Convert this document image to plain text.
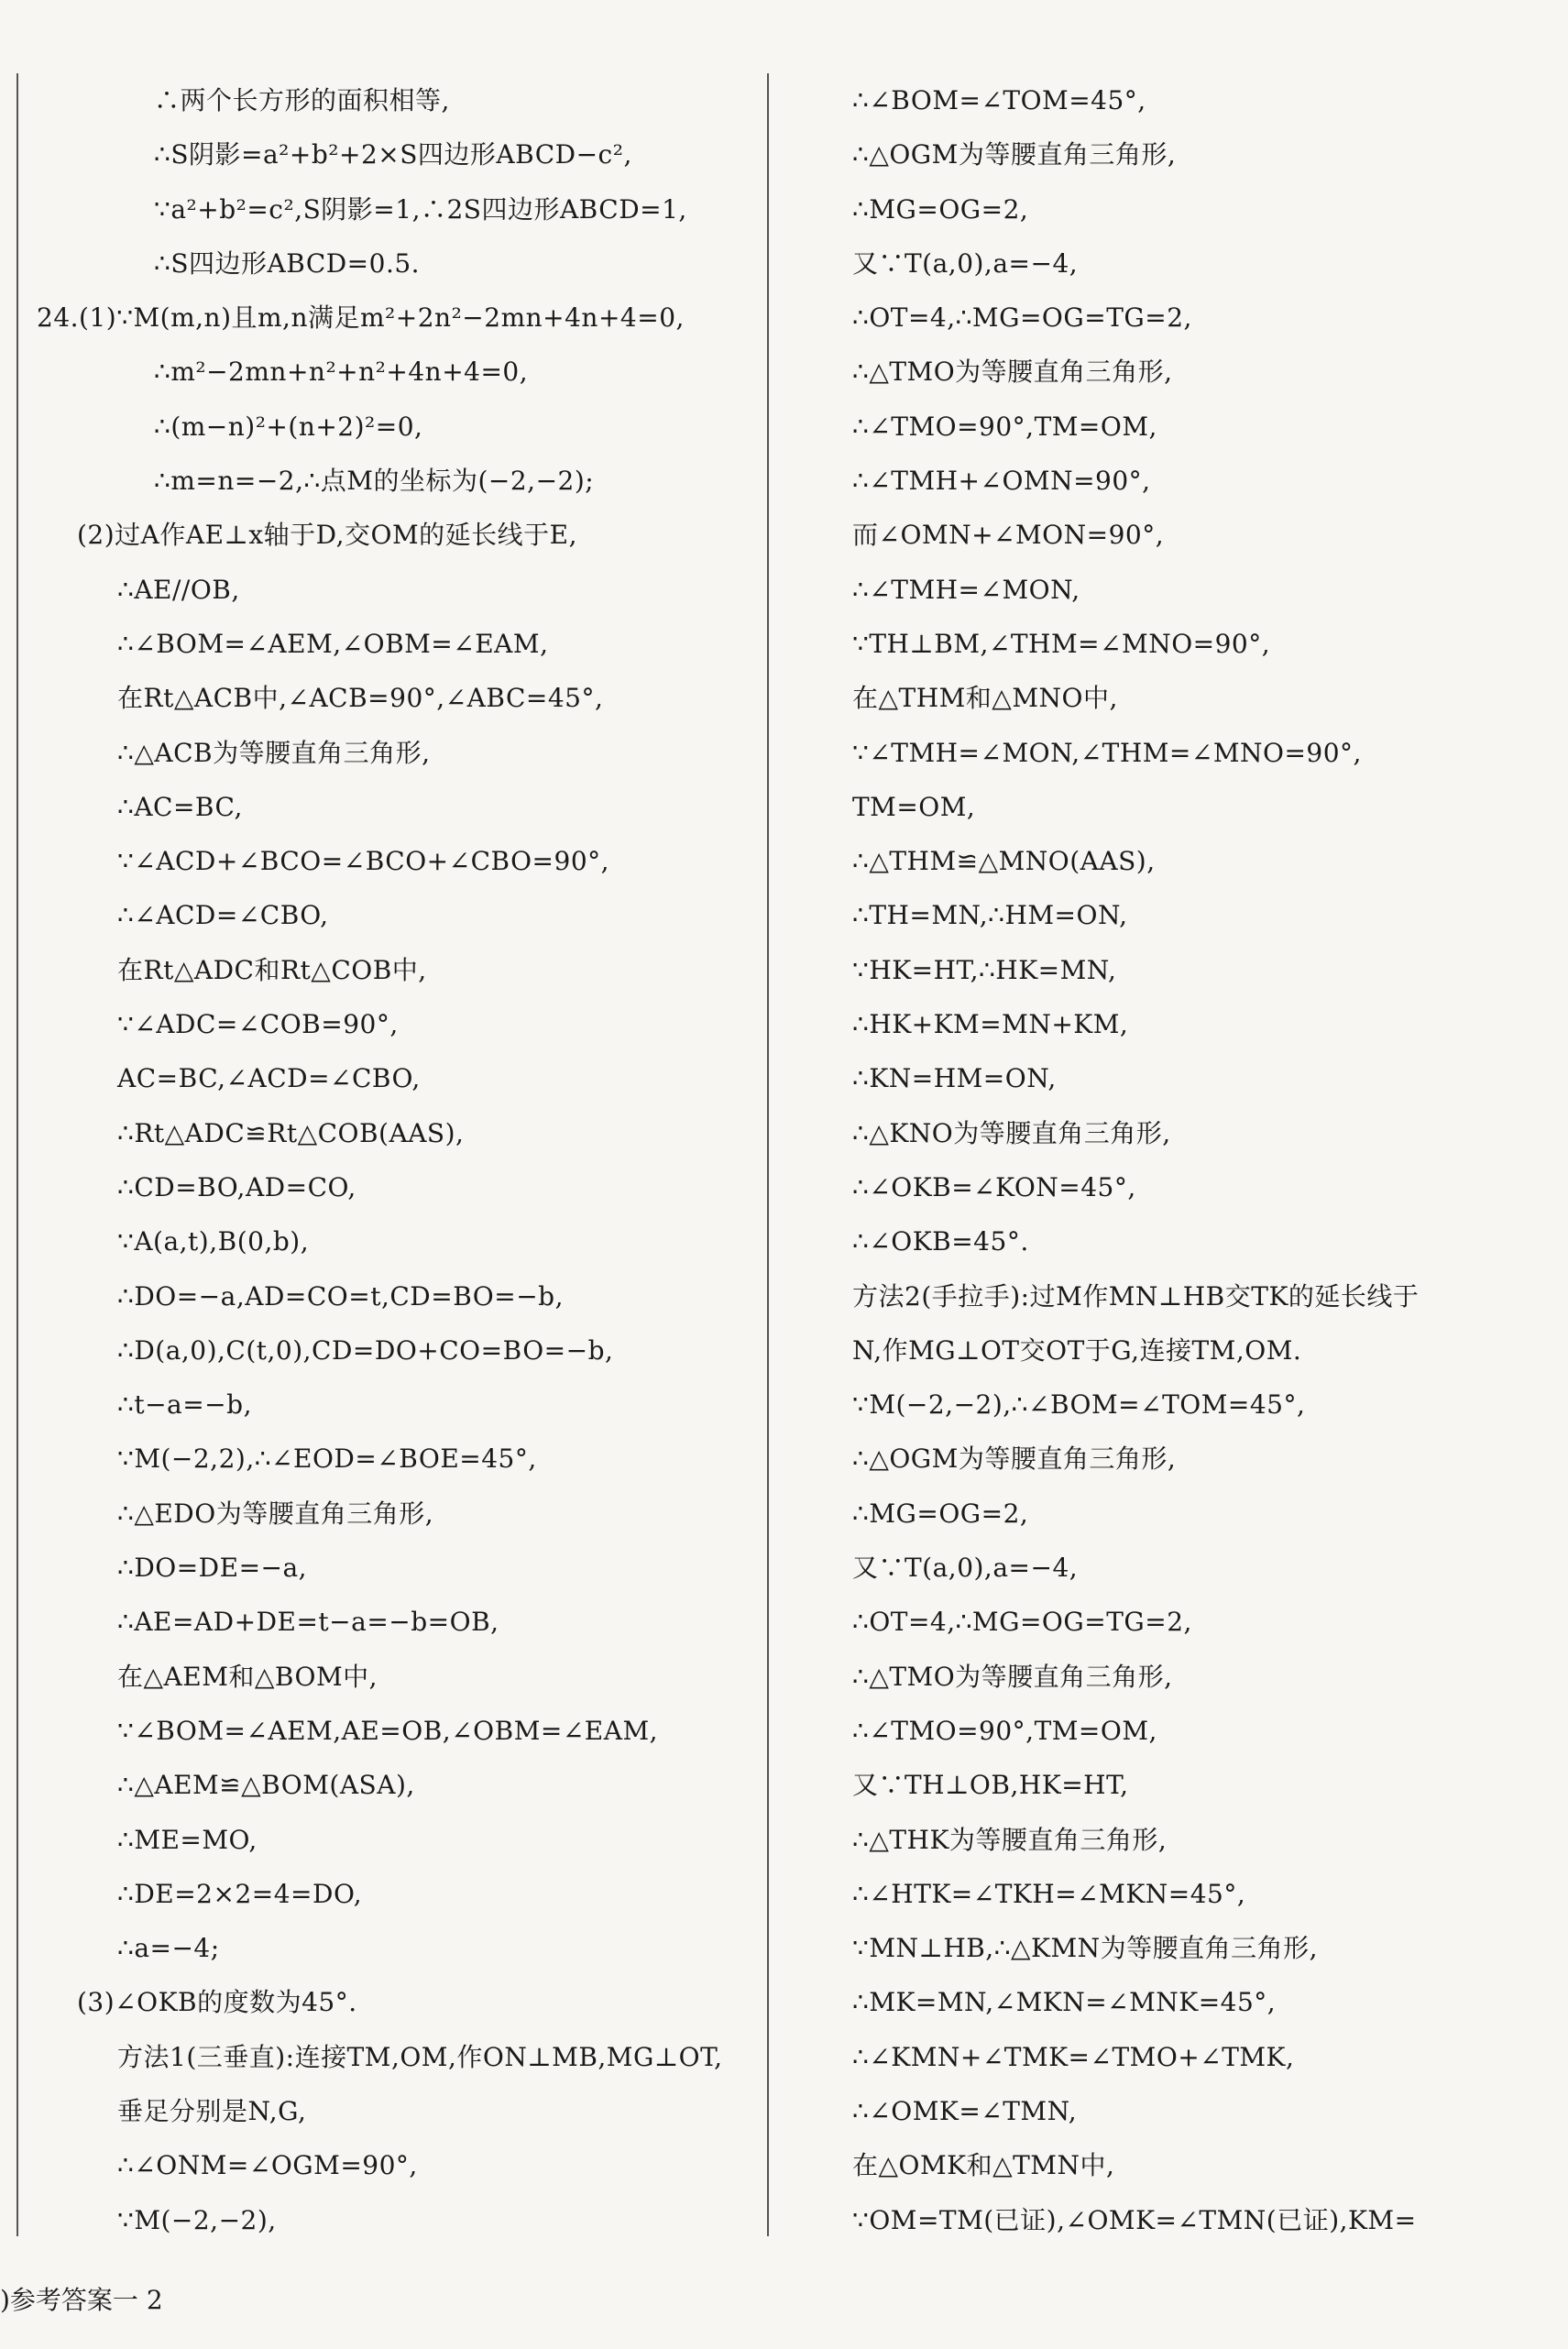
∴两个长方形的面积相等,
∴S阴影=a²+b²+2×S四边形ABCD−c²,
∵a²+b²=c²,S阴影=1,∴2S四边形ABCD=1,
∴S四边形ABCD=0.5.
24.(1)∵M(m,n)且m,n满足m²+2n²−2mn+4n+4=0,
∴m²−2mn+n²+n²+4n+4=0,
∴(m−n)²+(n+2)²=0,
∴m=n=−2,∴点M的坐标为(−2,−2);
(2)过A作AE⊥x轴于D,交OM的延长线于E,
∴AE//OB,
∴∠BOM=∠AEM,∠OBM=∠EAM,
在Rt△ACB中,∠ACB=90°,∠ABC=45°,
∴△ACB为等腰直角三角形,
∴AC=BC,
∵∠ACD+∠BCO=∠BCO+∠CBO=90°,
∴∠ACD=∠CBO,
在Rt△ADC和Rt△COB中,
∵∠ADC=∠COB=90°,
AC=BC,∠ACD=∠CBO,
∴Rt△ADC≌Rt△COB(AAS),
∴CD=BO,AD=CO,
∵A(a,t),B(0,b),
∴DO=−a,AD=CO=t,CD=BO=−b,
∴D(a,0),C(t,0),CD=DO+CO=BO=−b,
∴t−a=−b,
∵M(−2,2),∴∠EOD=∠BOE=45°,
∴△EDO为等腰直角三角形,
∴DO=DE=−a,
∴AE=AD+DE=t−a=−b=OB,
在△AEM和△BOM中,
∵∠BOM=∠AEM,AE=OB,∠OBM=∠EAM,
∴△AEM≌△BOM(ASA),
∴ME=MO,
∴DE=2×2=4=DO,
∴a=−4;
(3)∠OKB的度数为45°.
方法1(三垂直):连接TM,OM,作ON⊥MB,MG⊥OT,
垂足分别是N,G,
∴∠ONM=∠OGM=90°,
∵M(−2,−2),
∴∠BOM=∠TOM=45°,
∴△OGM为等腰直角三角形,
∴MG=OG=2,
又∵T(a,0),a=−4,
∴OT=4,∴MG=OG=TG=2,
∴△TMO为等腰直角三角形,
∴∠TMO=90°,TM=OM,
∴∠TMH+∠OMN=90°,
而∠OMN+∠MON=90°,
∴∠TMH=∠MON,
∵TH⊥BM,∠THM=∠MNO=90°,
在△THM和△MNO中,
∵∠TMH=∠MON,∠THM=∠MNO=90°,
TM=OM,
∴△THM≌△MNO(AAS),
∴TH=MN,∴HM=ON,
∵HK=HT,∴HK=MN,
∴HK+KM=MN+KM,
∴KN=HM=ON,
∴△KNO为等腰直角三角形,
∴∠OKB=∠KON=45°,
∴∠OKB=45°.
方法2(手拉手):过M作MN⊥HB交TK的延长线于
N,作MG⊥OT交OT于G,连接TM,OM.
∵M(−2,−2),∴∠BOM=∠TOM=45°,
∴△OGM为等腰直角三角形,
∴MG=OG=2,
又∵T(a,0),a=−4,
∴OT=4,∴MG=OG=TG=2,
∴△TMO为等腰直角三角形,
∴∠TMO=90°,TM=OM,
又∵TH⊥OB,HK=HT,
∴△THK为等腰直角三角形,
∴∠HTK=∠TKH=∠MKN=45°,
∵MN⊥HB,∴△KMN为等腰直角三角形,
∴MK=MN,∠MKN=∠MNK=45°,
∴∠KMN+∠TMK=∠TMO+∠TMK,
∴∠OMK=∠TMN,
在△OMK和△TMN中,
∵OM=TM(已证),∠OMK=∠TMN(已证),KM=
)参考答案一 2
